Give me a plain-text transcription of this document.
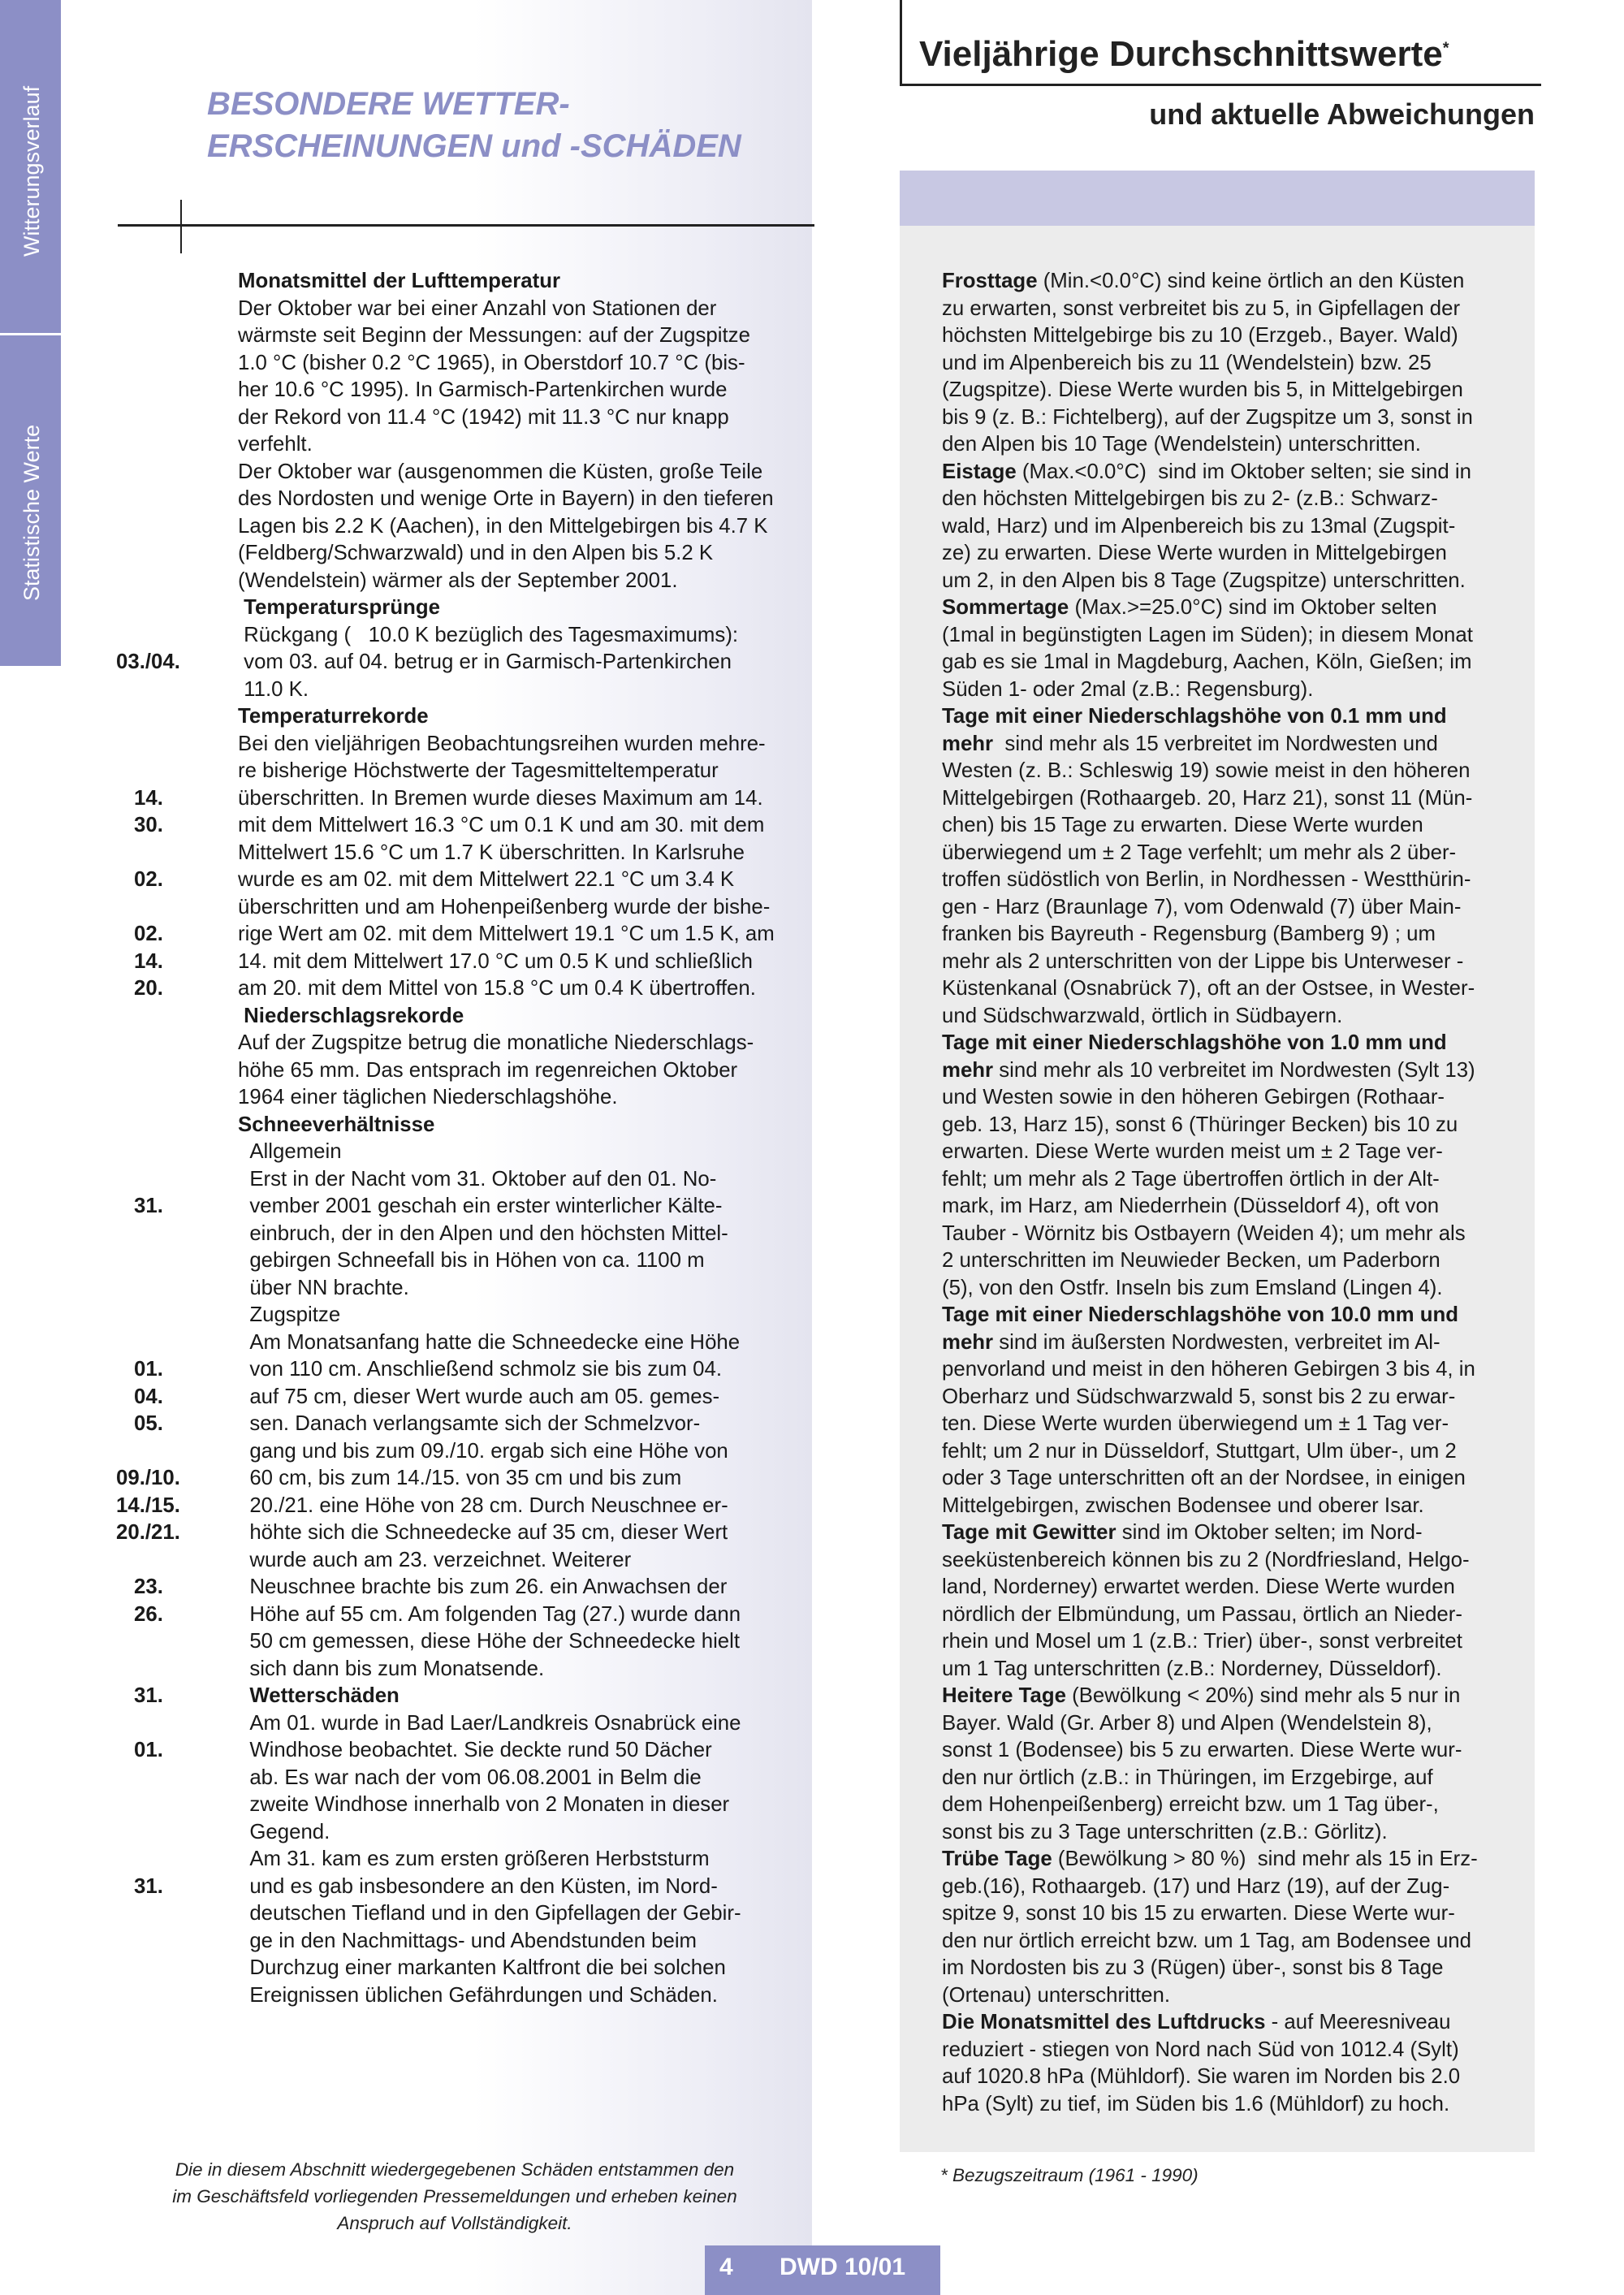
Witterungsverlauf
Statistische Werte
BESONDERE WETTER-
ERSCHEINUNGEN und -SCHÄDEN
Vieljährige Durchschnittswerte*
und aktuelle Abweichungen

Monatsmittel der Lufttemperatur

Der Oktober war bei einer Anzahl von Stationen der

wärmste seit Beginn der Messungen: auf der Zugspitze

1.0 °C (bisher 0.2 °C 1965), in Oberstdorf 10.7 °C (bis-

her 10.6 °C 1995). In Garmisch-Partenkirchen wurde

der Rekord von 11.4 °C (1942) mit 11.3 °C nur knapp

verfehlt.

Der Oktober war (ausgenommen die Küsten, große Teile

des Nordosten und wenige Orte in Bayern) in den tieferen

Lagen bis 2.2 K (Aachen), in den Mittelgebirgen bis 4.7 K

(Feldberg/Schwarzwald) und in den Alpen bis 5.2 K

(Wendelstein) wärmer als der September 2001.

Temperatursprünge

Rückgang (   10.0 K bezüglich des Tagesmaximums):

vom 03. auf 04. betrug er in Garmisch-Partenkirchen

11.0 K.

Temperaturrekorde

Bei den vieljährigen Beobachtungsreihen wurden mehre-

re bisherige Höchstwerte der Tagesmitteltemperatur

überschritten. In Bremen wurde dieses Maximum am 14.

mit dem Mittelwert 16.3 °C um 0.1 K und am 30. mit dem

Mittelwert 15.6 °C um 1.7 K überschritten. In Karlsruhe

wurde es am 02. mit dem Mittelwert 22.1 °C um 3.4 K

überschritten und am Hohenpeißenberg wurde der bishe-

rige Wert am 02. mit dem Mittelwert 19.1 °C um 1.5 K, am

14. mit dem Mittelwert 17.0 °C um 0.5 K und schließlich

am 20. mit dem Mittel von 15.8 °C um 0.4 K übertroffen.

Niederschlagsrekorde

Auf der Zugspitze betrug die monatliche Niederschlags-

höhe 65 mm. Das entsprach im regenreichen Oktober

1964 einer täglichen Niederschlagshöhe.

Schneeverhältnisse

Allgemein

Erst in der Nacht vom 31. Oktober auf den 01. No-

vember 2001 geschah ein erster winterlicher Kälte-

einbruch, der in den Alpen und den höchsten Mittel-

gebirgen Schneefall bis in Höhen von ca. 1100 m

über NN brachte.

Zugspitze

Am Monatsanfang hatte die Schneedecke eine Höhe

von 110 cm. Anschließend schmolz sie bis zum 04.

auf 75 cm, dieser Wert wurde auch am 05. gemes-

sen. Danach verlangsamte sich der Schmelzvor-

gang und bis zum 09./10. ergab sich eine Höhe von

60 cm, bis zum 14./15. von 35 cm und bis zum

20./21. eine Höhe von 28 cm. Durch Neuschnee er-

höhte sich die Schneedecke auf 35 cm, dieser Wert

wurde auch am 23. verzeichnet. Weiterer

Neuschnee brachte bis zum 26. ein Anwachsen der

Höhe auf 55 cm. Am folgenden Tag (27.) wurde dann

50 cm gemessen, diese Höhe der Schneedecke hielt

sich dann bis zum Monatsende.

Wetterschäden

Am 01. wurde in Bad Laer/Landkreis Osnabrück eine

Windhose beobachtet. Sie deckte rund 50 Dächer

ab. Es war nach der vom 06.08.2001 in Belm die

zweite Windhose innerhalb von 2 Monaten in dieser

Gegend.

Am 31. kam es zum ersten größeren Herbststurm

und es gab insbesondere an den Küsten, im Nord-

deutschen Tiefland und in den Gipfellagen der Gebir-

ge in den Nachmittags- und Abendstunden beim

Durchzug einer markanten Kaltfront die bei solchen

Ereignissen üblichen Gefährdungen und Schäden.

03./04.
14.
30.
02.
02.
14.
20.
31.
01.
04.
05.
09./10.
14./15.
20./21.
23.
26.
31.
01.
31.

Frosttage (Min.<0.0°C) sind keine örtlich an den Küsten

zu erwarten, sonst verbreitet bis zu 5, in Gipfellagen der

höchsten Mittelgebirge bis zu 10 (Erzgeb., Bayer. Wald)

und im Alpenbereich bis zu 11 (Wendelstein) bzw. 25

(Zugspitze). Diese Werte wurden bis 5, in Mittelgebirgen

bis 9 (z. B.: Fichtelberg), auf der Zugspitze um 3, sonst in

den Alpen bis 10 Tage (Wendelstein) unterschritten.

Eistage (Max.<0.0°C)  sind im Oktober selten; sie sind in

den höchsten Mittelgebirgen bis zu 2- (z.B.: Schwarz-

wald, Harz) und im Alpenbereich bis zu 13mal (Zugspit-

ze) zu erwarten. Diese Werte wurden in Mittelgebirgen

um 2, in den Alpen bis 8 Tage (Zugspitze) unterschritten.

Sommertage (Max.>=25.0°C) sind im Oktober selten

(1mal in begünstigten Lagen im Süden); in diesem Monat

gab es sie 1mal in Magdeburg, Aachen, Köln, Gießen; im

Süden 1- oder 2mal (z.B.: Regensburg).

Tage mit einer Niederschlagshöhe von 0.1 mm und

mehr  sind mehr als 15 verbreitet im Nordwesten und

Westen (z. B.: Schleswig 19) sowie meist in den höheren

Mittelgebirgen (Rothaargeb. 20, Harz 21), sonst 11 (Mün-

chen) bis 15 Tage zu erwarten. Diese Werte wurden

überwiegend um ± 2 Tage verfehlt; um mehr als 2 über-

troffen südöstlich von Berlin, in Nordhessen - Westthürin-

gen - Harz (Braunlage 7), vom Odenwald (7) über Main-

franken bis Bayreuth - Regensburg (Bamberg 9) ; um

mehr als 2 unterschritten von der Lippe bis Unterweser -

Küstenkanal (Osnabrück 7), oft an der Ostsee, in Wester-

und Südschwarzwald, örtlich in Südbayern.

Tage mit einer Niederschlagshöhe von 1.0 mm und

mehr sind mehr als 10 verbreitet im Nordwesten (Sylt 13)

und Westen sowie in den höheren Gebirgen (Rothaar-

geb. 13, Harz 15), sonst 6 (Thüringer Becken) bis 10 zu

erwarten. Diese Werte wurden meist um ± 2 Tage ver-

fehlt; um mehr als 2 Tage übertroffen örtlich in der Alt-

mark, im Harz, am Niederrhein (Düsseldorf 4), oft von

Tauber - Wörnitz bis Ostbayern (Weiden 4); um mehr als

2 unterschritten im Neuwieder Becken, um Paderborn

(5), von den Ostfr. Inseln bis zum Emsland (Lingen 4).

Tage mit einer Niederschlagshöhe von 10.0 mm und

mehr sind im äußersten Nordwesten, verbreitet im Al-

penvorland und meist in den höheren Gebirgen 3 bis 4, in

Oberharz und Südschwarzwald 5, sonst bis 2 zu erwar-

ten. Diese Werte wurden überwiegend um ± 1 Tag ver-

fehlt; um 2 nur in Düsseldorf, Stuttgart, Ulm über-, um 2

oder 3 Tage unterschritten oft an der Nordsee, in einigen

Mittelgebirgen, zwischen Bodensee und oberer Isar.

Tage mit Gewitter sind im Oktober selten; im Nord-

seeküstenbereich können bis zu 2 (Nordfriesland, Helgo-

land, Norderney) erwartet werden. Diese Werte wurden

nördlich der Elbmündung, um Passau, örtlich an Nieder-

rhein und Mosel um 1 (z.B.: Trier) über-, sonst verbreitet

um 1 Tag unterschritten (z.B.: Norderney, Düsseldorf).

Heitere Tage (Bewölkung < 20%) sind mehr als 5 nur in

Bayer. Wald (Gr. Arber 8) und Alpen (Wendelstein 8),

sonst 1 (Bodensee) bis 5 zu erwarten. Diese Werte wur-

den nur örtlich (z.B.: in Thüringen, im Erzgebirge, auf

dem Hohenpeißenberg) erreicht bzw. um 1 Tag über-,

sonst bis zu 3 Tage unterschritten (z.B.: Görlitz).

Trübe Tage (Bewölkung > 80 %)  sind mehr als 15 in Erz-

geb.(16), Rothaargeb. (17) und Harz (19), auf der Zug-

spitze 9, sonst 10 bis 15 zu erwarten. Diese Werte wur-

den nur örtlich erreicht bzw. um 1 Tag, am Bodensee und

im Nordosten bis zu 3 (Rügen) über-, sonst bis 8 Tage

(Ortenau) unterschritten.

Die Monatsmittel des Luftdrucks - auf Meeresniveau

reduziert - stiegen von Nord nach Süd von 1012.4 (Sylt)

auf 1020.8 hPa (Mühldorf). Sie waren im Norden bis 2.0

hPa (Sylt) zu tief, im Süden bis 1.6 (Mühldorf) zu hoch.

Die in diesem Abschnitt wiedergegebenen Schäden entstammen den
im Geschäftsfeld vorliegenden Pressemeldungen und erheben keinen
Anspruch auf Vollständigkeit.
* Bezugszeitraum (1961 - 1990)
4 DWD 10/01
